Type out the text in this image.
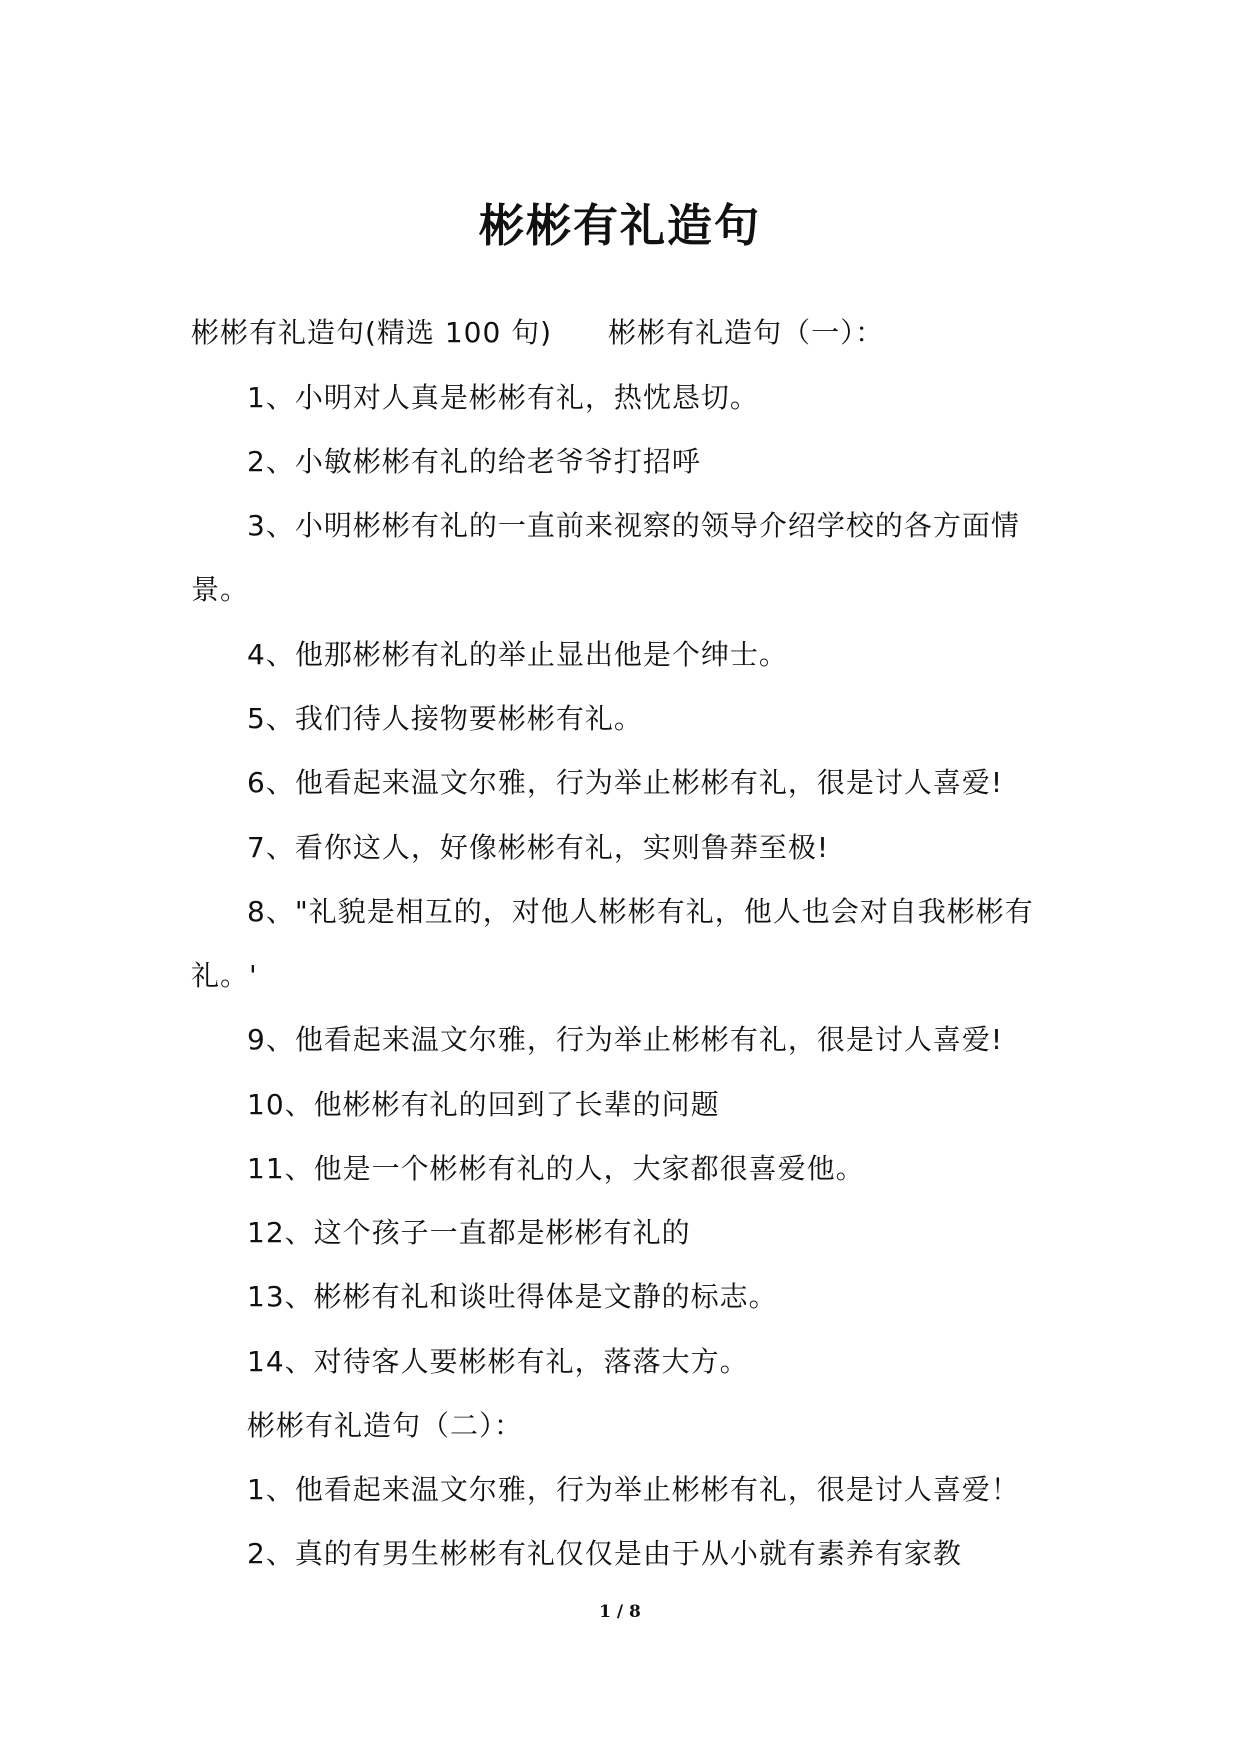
彬彬有礼造句
彬彬有礼造句(精选 100 句) 彬彬有礼造句（一）：
1、小明对人真是彬彬有礼，热忱恳切。
2、小敏彬彬有礼的给老爷爷打招呼
3、小明彬彬有礼的一直前来视察的领导介绍学校的各方面情
景。
4、他那彬彬有礼的举止显出他是个绅士。
5、我们待人接物要彬彬有礼。
6、他看起来温文尔雅，行为举止彬彬有礼，很是讨人喜爱!
7、看你这人，好像彬彬有礼，实则鲁莽至极!
8、"礼貌是相互的，对他人彬彬有礼，他人也会对自我彬彬有
礼。'
9、他看起来温文尔雅，行为举止彬彬有礼，很是讨人喜爱!
10、他彬彬有礼的回到了长辈的问题
11、他是一个彬彬有礼的人，大家都很喜爱他。
12、这个孩子一直都是彬彬有礼的
13、彬彬有礼和谈吐得体是文静的标志。
14、对待客人要彬彬有礼，落落大方。
彬彬有礼造句（二）：
1、他看起来温文尔雅，行为举止彬彬有礼，很是讨人喜爱！
2、真的有男生彬彬有礼仅仅是由于从小就有素养有家教
1 / 8
